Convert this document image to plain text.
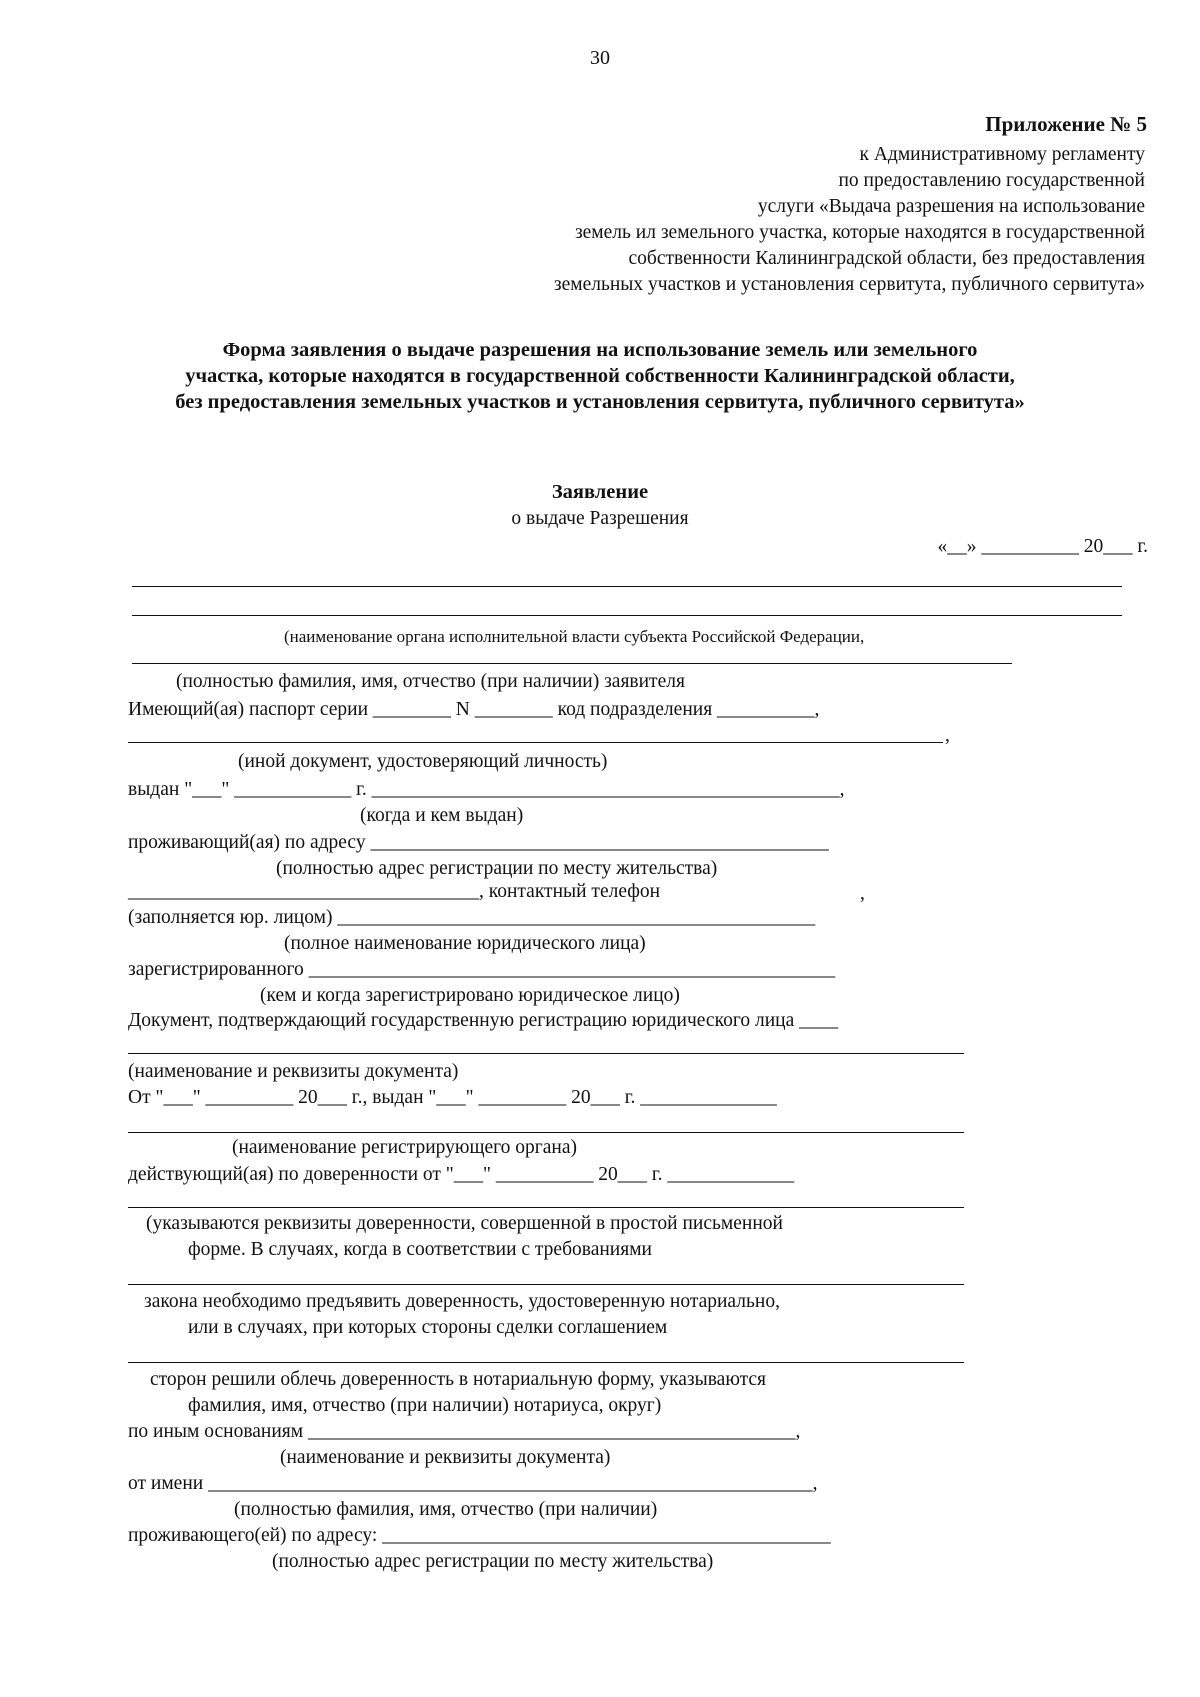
30
Приложение № 5
к Административному регламенту
по предоставлению государственной
услуги «Выдача разрешения на использование
земель ил земельного участка, которые находятся в государственной
собственности Калининградской области, без предоставления
земельных участков и установления сервитута, публичного сервитута»
Форма заявления о выдаче разрешения на использование земель или земельного
участка, которые находятся в государственной собственности Калининградской области,
без предоставления земельных участков и установления сервитута, публичного сервитута»
Заявление
о выдаче Разрешения
«__» __________ 20___ г.
(наименование органа исполнительной власти субъекта Российской Федерации,
(полностью фамилия, имя, отчество (при наличии) заявителя
Имеющий(ая) паспорт серии ________ N ________ код подразделения __________,
,
(иной документ, удостоверяющий личность)
выдан "___" ____________ г. ________________________________________________,
(когда и кем выдан)
проживающий(ая) по адресу _______________________________________________
(полностью адрес регистрации по месту жительства)
____________________________________, контактный телефон	,
(заполняется юр. лицом) _________________________________________________
(полное наименование юридического лица)
зарегистрированного ______________________________________________________
(кем и когда зарегистрировано юридическое лицо)
Документ, подтверждающий государственную регистрацию юридического лица ____
(наименование и реквизиты документа)
От "___" _________ 20___ г., выдан "___" _________ 20___ г. ______________
(наименование регистрирующего органа)
действующий(ая) по доверенности от "___" __________ 20___ г. _____________
(указываются реквизиты доверенности, совершенной в простой письменной
форме. В случаях, когда в соответствии с требованиями
закона необходимо предъявить доверенность, удостоверенную нотариально,
или в случаях, при которых стороны сделки соглашением
сторон решили облечь доверенность в нотариальную форму, указываются
фамилия, имя, отчество (при наличии) нотариуса, округ)
по иным основаниям __________________________________________________,
(наименование и реквизиты документа)
от имени ______________________________________________________________,
(полностью фамилия, имя, отчество (при наличии)
проживающего(ей) по адресу: ______________________________________________
(полностью адрес регистрации по месту жительства)
